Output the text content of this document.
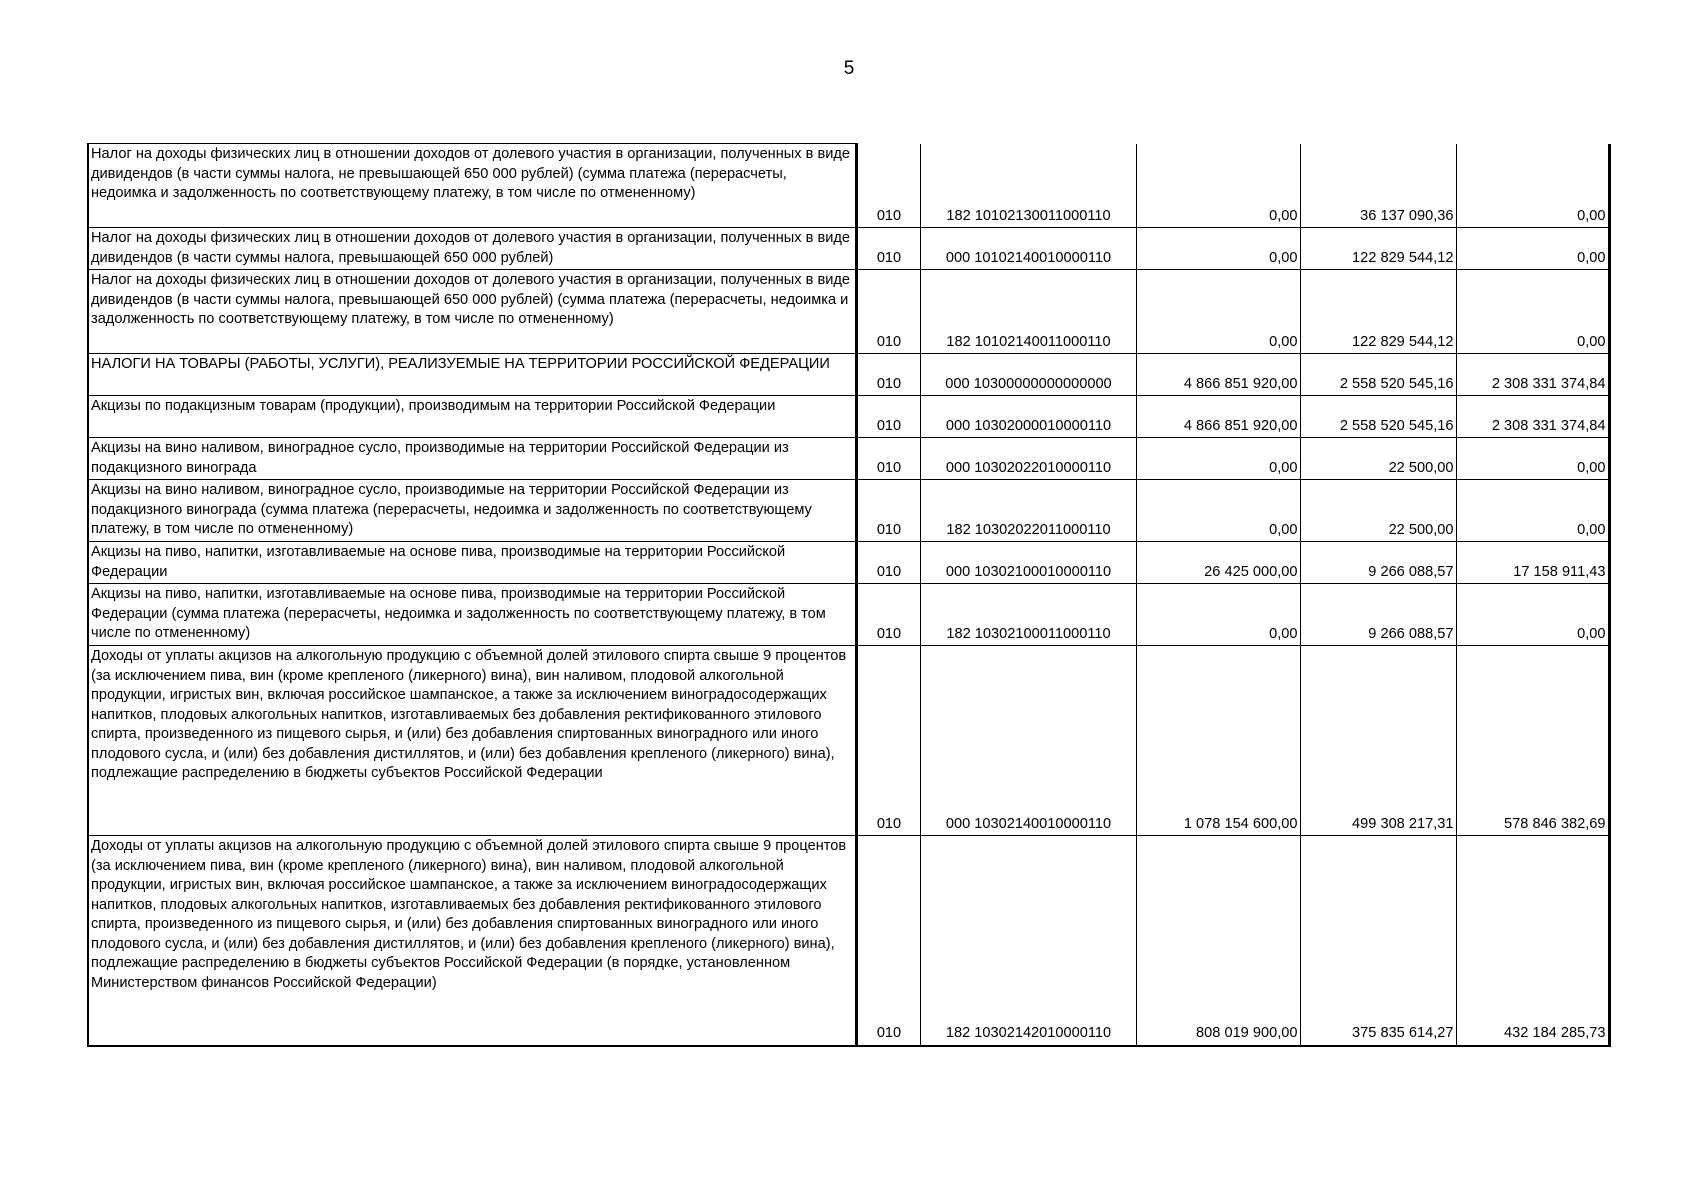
5
Налог на доходы физических лиц в отношении доходов от долевого участия в организации, полученных в виде дивидендов (в части суммы налога, не превышающей 650 000 рублей) (сумма платежа (перерасчеты, недоимка и задолженность по соответствующему платежу, в том числе по отмененному)	010	182 10102130011000110	0,00	36 137 090,36	0,00
Налог на доходы физических лиц в отношении доходов от долевого участия в организации, полученных в виде дивидендов (в части суммы налога, превышающей 650 000 рублей)	010	000 10102140010000110	0,00	122 829 544,12	0,00
Налог на доходы физических лиц в отношении доходов от долевого участия в организации, полученных в виде дивидендов (в части суммы налога, превышающей 650 000 рублей) (сумма платежа (перерасчеты, недоимка и задолженность по соответствующему платежу, в том числе по отмененному)	010	182 10102140011000110	0,00	122 829 544,12	0,00
НАЛОГИ НА ТОВАРЫ (РАБОТЫ, УСЛУГИ), РЕАЛИЗУЕМЫЕ НА ТЕРРИТОРИИ РОССИЙСКОЙ ФЕДЕРАЦИИ	010	000 10300000000000000	4 866 851 920,00	2 558 520 545,16	2 308 331 374,84
Акцизы по подакцизным товарам (продукции), производимым на территории Российской Федерации	010	000 10302000010000110	4 866 851 920,00	2 558 520 545,16	2 308 331 374,84
Акцизы на вино наливом, виноградное сусло, производимые на территории Российской Федерации из подакцизного винограда	010	000 10302022010000110	0,00	22 500,00	0,00
Акцизы на вино наливом, виноградное сусло, производимые на территории Российской Федерации из подакцизного винограда (сумма платежа (перерасчеты, недоимка и задолженность по соответствующему платежу, в том числе по отмененному)	010	182 10302022011000110	0,00	22 500,00	0,00
Акцизы на пиво, напитки, изготавливаемые на основе пива, производимые на территории Российской Федерации	010	000 10302100010000110	26 425 000,00	9 266 088,57	17 158 911,43
Акцизы на пиво, напитки, изготавливаемые на основе пива, производимые на территории Российской Федерации (сумма платежа (перерасчеты, недоимка и задолженность по соответствующему платежу, в том числе по отмененному)	010	182 10302100011000110	0,00	9 266 088,57	0,00
Доходы от уплаты акцизов на алкогольную продукцию с объемной долей этилового спирта свыше 9 процентов (за исключением пива, вин (кроме крепленого (ликерного) вина), вин наливом, плодовой алкогольной продукции, игристых вин, включая российское шампанское, а также за исключением виноградосодержащих напитков, плодовых алкогольных напитков, изготавливаемых без добавления ректификованного этилового спирта, произведенного из пищевого сырья, и (или) без добавления спиртованных виноградного или иного плодового сусла, и (или) без добавления дистиллятов, и (или) без добавления крепленого (ликерного) вина), подлежащие распределению в бюджеты субъектов Российской Федерации	010	000 10302140010000110	1 078 154 600,00	499 308 217,31	578 846 382,69
Доходы от уплаты акцизов на алкогольную продукцию с объемной долей этилового спирта свыше 9 процентов (за исключением пива, вин (кроме крепленого (ликерного) вина), вин наливом, плодовой алкогольной продукции, игристых вин, включая российское шампанское, а также за исключением виноградосодержащих напитков, плодовых алкогольных напитков, изготавливаемых без добавления ректификованного этилового спирта, произведенного из пищевого сырья, и (или) без добавления спиртованных виноградного или иного плодового сусла, и (или) без добавления дистиллятов, и (или) без добавления крепленого (ликерного) вина), подлежащие распределению в бюджеты субъектов Российской Федерации (в порядке, установленном Министерством финансов Российской Федерации)	010	182 10302142010000110	808 019 900,00	375 835 614,27	432 184 285,73
